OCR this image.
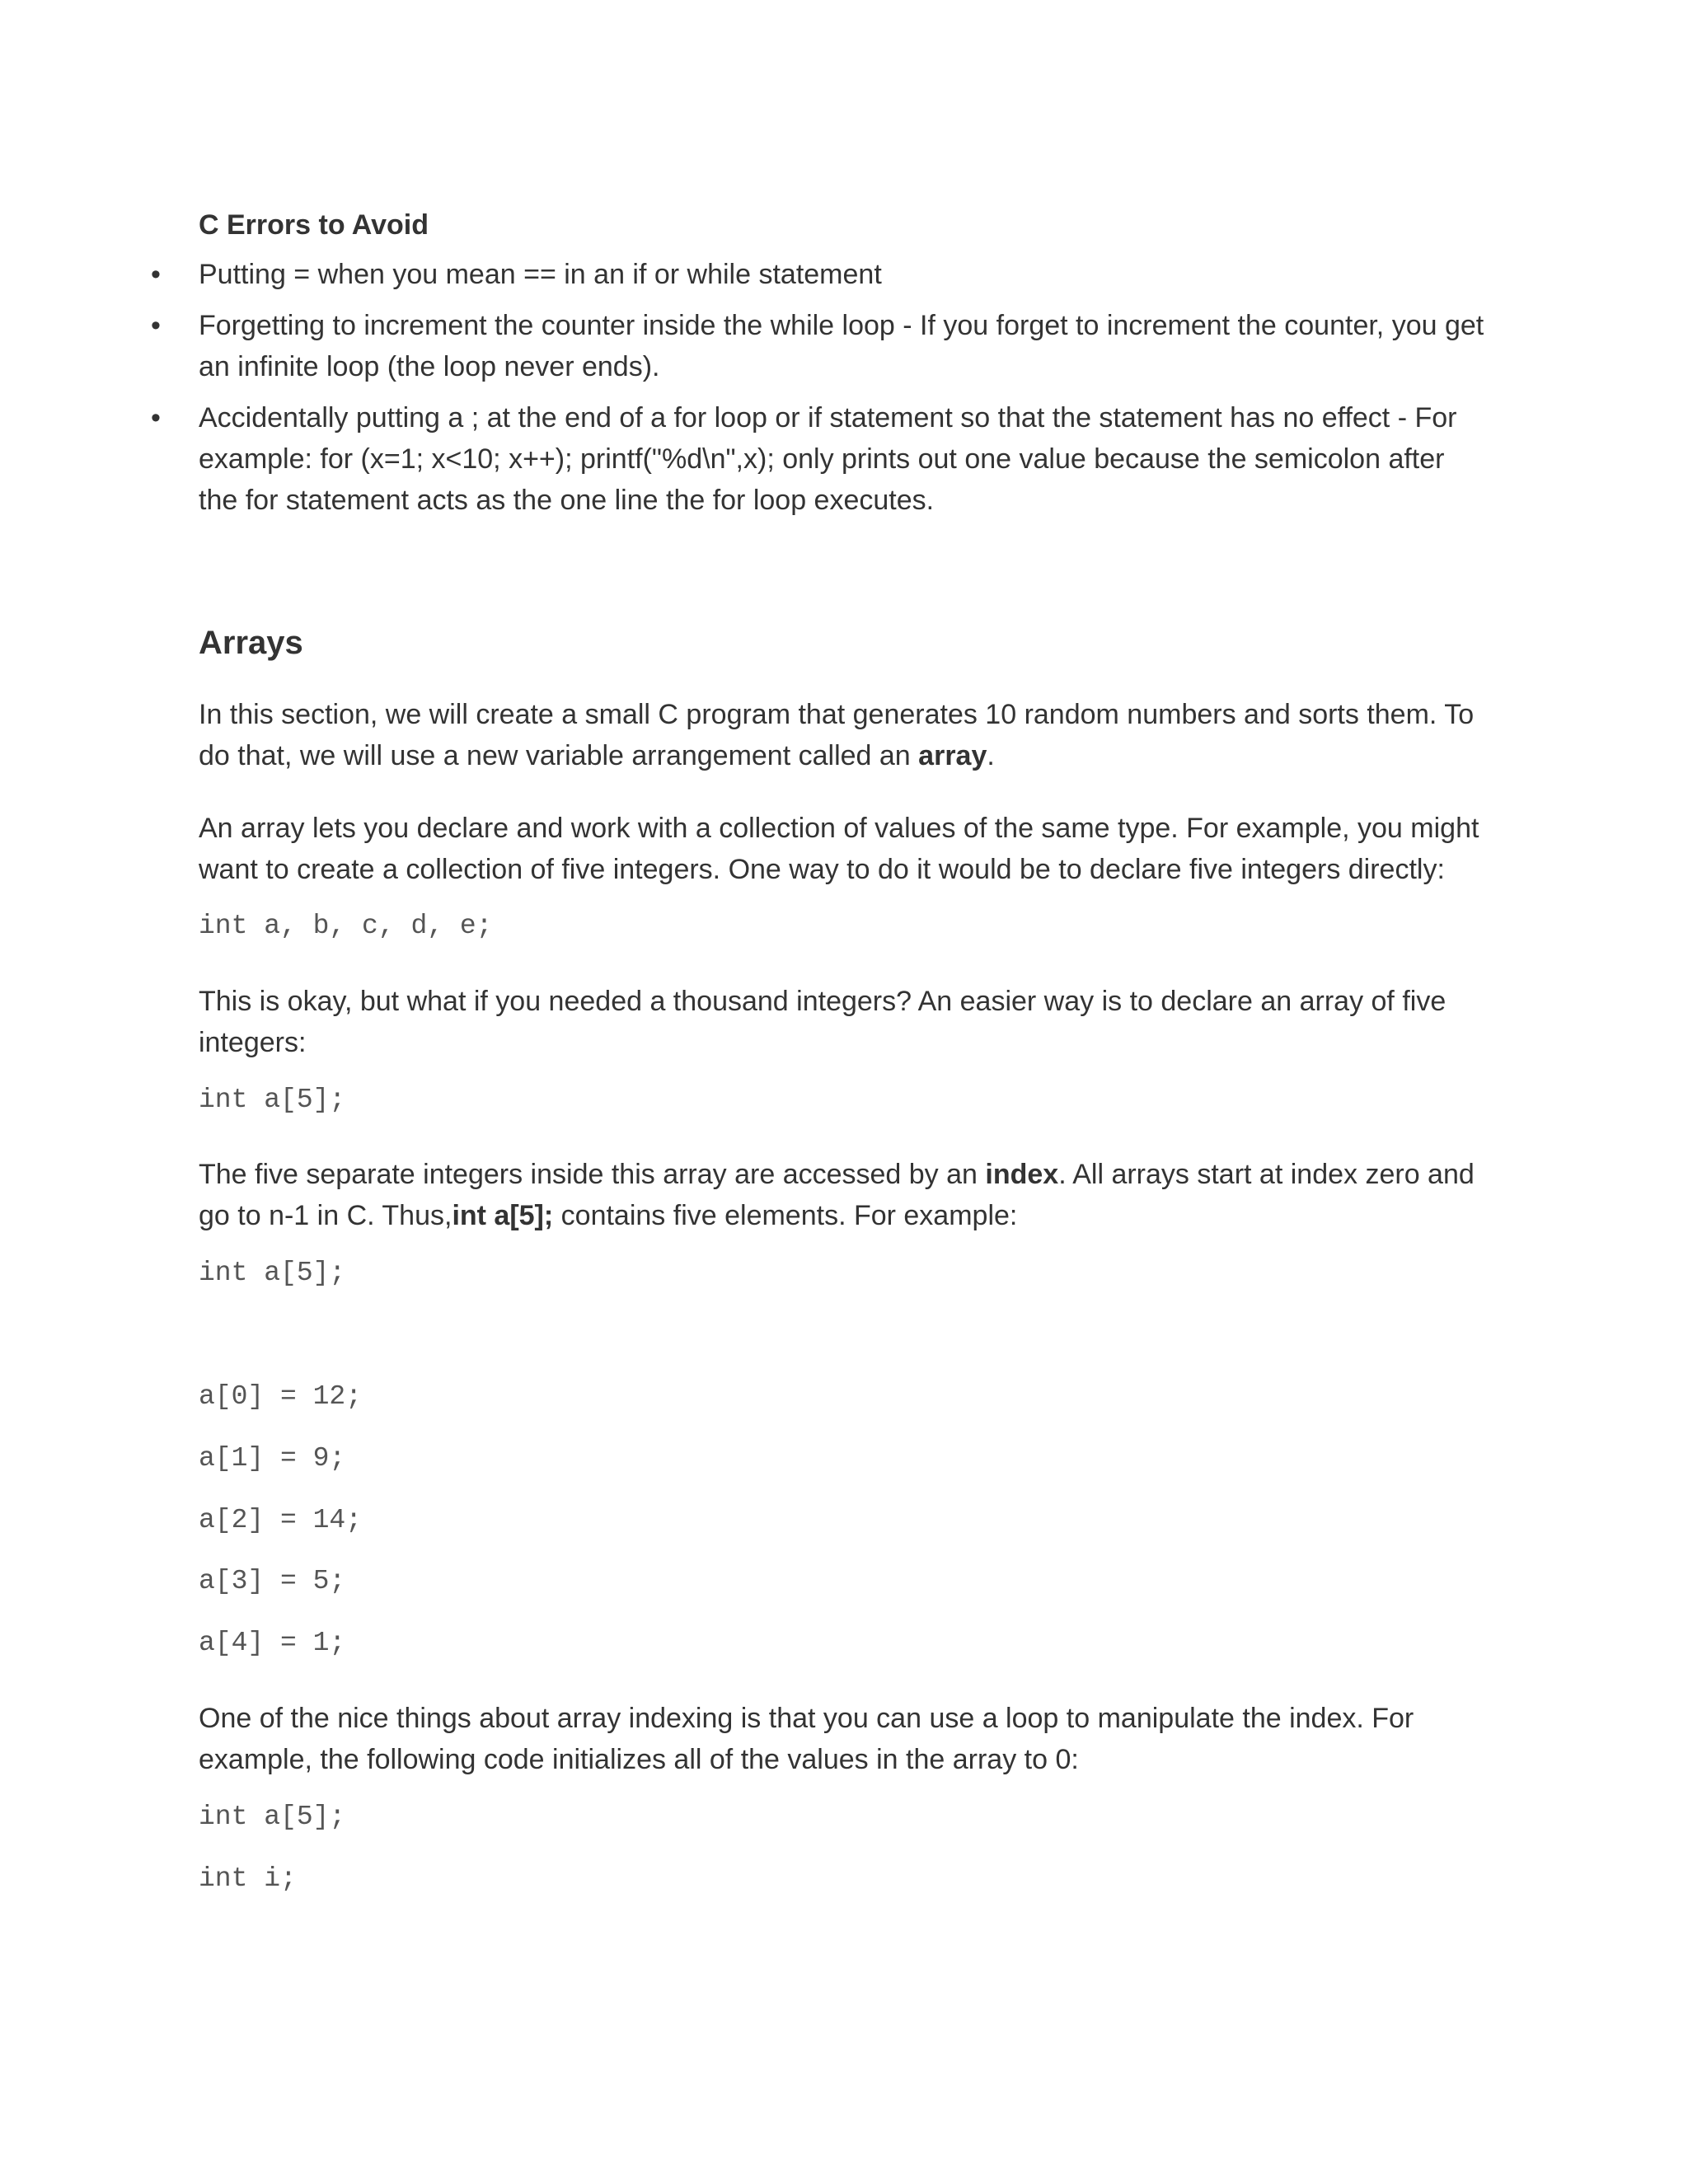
C Errors to Avoid
• Putting = when you mean == in an if or while statement
• Forgetting to increment the counter inside the while loop - If you forget to increment the counter, you get an infinite loop (the loop never ends).
• Accidentally putting a ; at the end of a for loop or if statement so that the statement has no effect - For example: for (x=1; x<10; x++); printf("%d\n",x); only prints out one value because the semicolon after the for statement acts as the one line the for loop executes.
Arrays

In this section, we will create a small C program that generates 10 random numbers and sorts them. To do that, we will use a new variable arrangement called an array.

An array lets you declare and work with a collection of values of the same type. For example, you might want to create a collection of five integers. One way to do it would be to declare five integers directly:

int a, b, c, d, e;

This is okay, but what if you needed a thousand integers? An easier way is to declare an array of five integers:

int a[5];

The five separate integers inside this array are accessed by an index. All arrays start at index zero and go to n-1 in C. Thus,int a[5]; contains five elements. For example:

int a[5];
a[0] = 12;
a[1] = 9;
a[2] = 14;
a[3] = 5;
a[4] = 1;

One of the nice things about array indexing is that you can use a loop to manipulate the index. For example, the following code initializes all of the values in the array to 0:

int a[5];
int i;
